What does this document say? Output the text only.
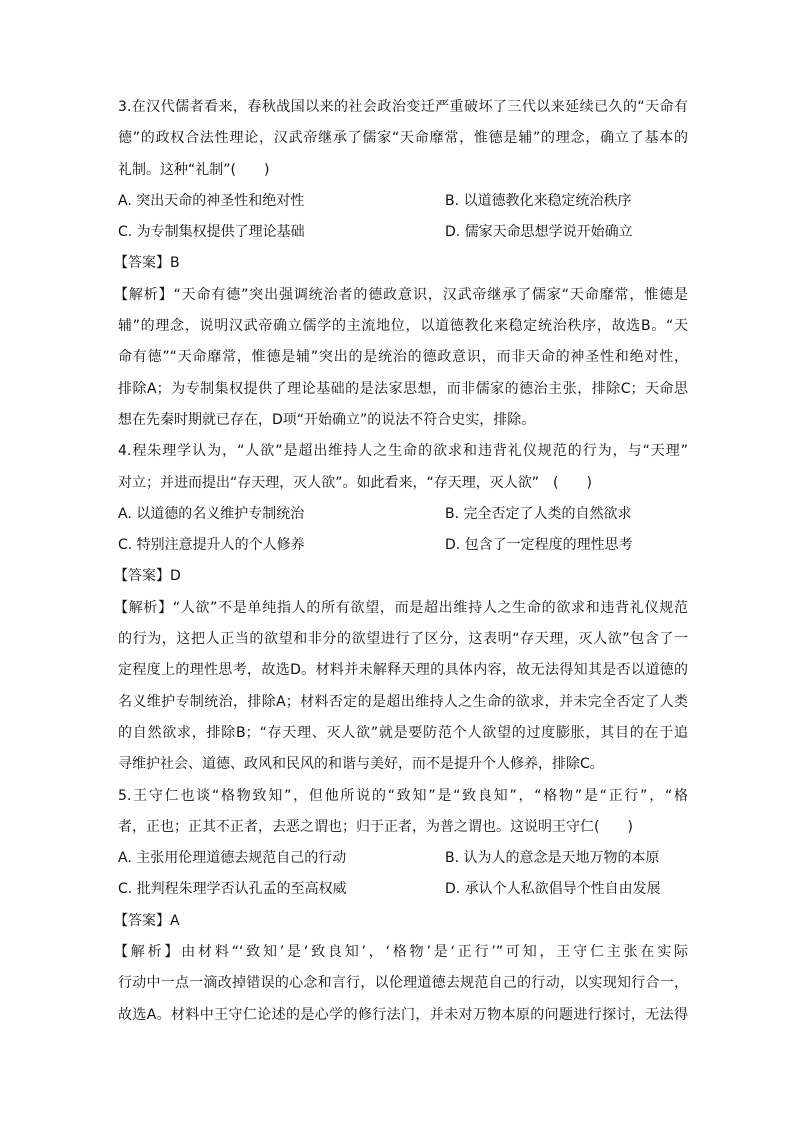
3.在汉代儒者看来，春秋战国以来的社会政治变迁严重破坏了三代以来延续已久的“天命有
德”的政权合法性理论，汉武帝继承了儒家“天命靡常，惟德是辅”的理念，确立了基本的
礼制。这种“礼制”(　　)
A. 突出天命的神圣性和绝对性	B. 以道德教化来稳定统治秩序
C. 为专制集权提供了理论基础	D. 儒家天命思想学说开始确立
【答案】B
【解析】“天命有德”突出强调统治者的德政意识，汉武帝继承了儒家“天命靡常，惟德是
辅”的理念，说明汉武帝确立儒学的主流地位，以道德教化来稳定统治秩序，故选B。“天
命有德”“天命靡常，惟德是辅”突出的是统治的德政意识，而非天命的神圣性和绝对性，
排除A；为专制集权提供了理论基础的是法家思想，而非儒家的德治主张，排除C；天命思
想在先秦时期就已存在，D项“开始确立”的说法不符合史实，排除。
4.程朱理学认为，“人欲”是超出维持人之生命的欲求和违背礼仪规范的行为，与“天理”
对立；并进而提出“存天理，灭人欲”。如此看来，“存天理，灭人欲”　(　　)
A. 以道德的名义维护专制统治	B. 完全否定了人类的自然欲求
C. 特别注意提升人的个人修养	D. 包含了一定程度的理性思考
【答案】D
【解析】“人欲”不是单纯指人的所有欲望，而是超出维持人之生命的欲求和违背礼仪规范
的行为，这把人正当的欲望和非分的欲望进行了区分，这表明“存天理，灭人欲”包含了一
定程度上的理性思考，故选D。材料并未解释天理的具体内容，故无法得知其是否以道德的
名义维护专制统治，排除A；材料否定的是超出维持人之生命的欲求，并未完全否定了人类
的自然欲求，排除B；“存天理、灭人欲”就是要防范个人欲望的过度膨胀，其目的在于追
寻维护社会、道德、政风和民风的和谐与美好，而不是提升个人修养，排除C。
5.王守仁也谈“格物致知”，但他所说的“致知”是“致良知”，“格物”是“正行”，“格
者，正也；正其不正者，去恶之谓也；归于正者，为普之谓也。这说明王守仁(　　)
A. 主张用伦理道德去规范自己的行动	B. 认为人的意念是天地万物的本原
C. 批判程朱理学否认孔孟的至高权威	D. 承认个人私欲倡导个性自由发展
【答案】A
【解析】由材料“‘致知’是‘致良知’，‘格物’是‘正行’”可知，王守仁主张在实际
行动中一点一滴改掉错误的心念和言行，以伦理道德去规范自己的行动，以实现知行合一，
故选A。材料中王守仁论述的是心学的修行法门，并未对万物本原的问题进行探讨，无法得
